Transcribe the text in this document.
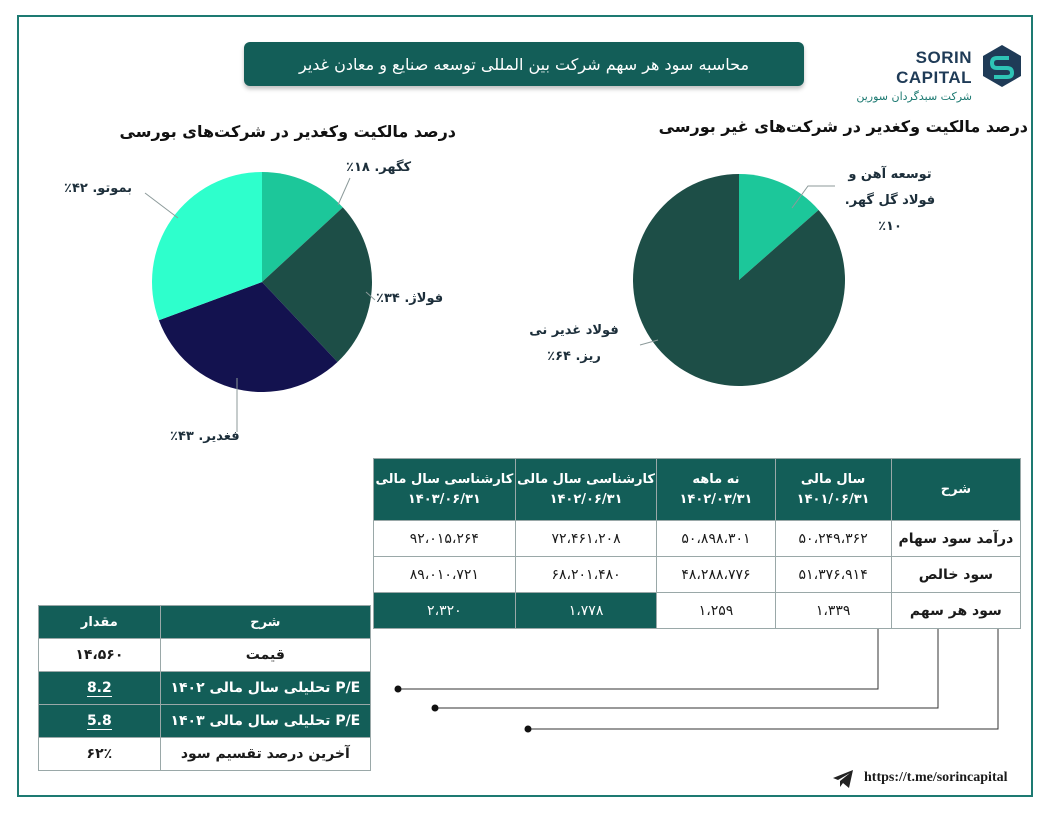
محاسبه سود هر سهم شرکت بین المللی توسعه صنایع و معادن غدیر	SORIN CAPITAL
شرکت سبدگردان سورین
درصد مالکیت وکغدیر در شرکت‌های بورسی	درصد مالکیت وکغدیر در شرکت‌های غیر بورسی
کگهر. ۱۸٪
فولاژ. ۳۴٪
فغدیر. ۴۳٪
بموتو. ۴۲٪
توسعه آهن و فولاد گل گهر. ۱۰٪
فولاد غدیر نی ریز. ۶۴٪
شرح	سال مالی ۱۴۰۱/۰۶/۳۱	نه ماهه ۱۴۰۲/۰۳/۳۱	کارشناسی سال مالی ۱۴۰۲/۰۶/۳۱	کارشناسی سال مالی ۱۴۰۳/۰۶/۳۱
درآمد سود سهام	۵۰،۲۴۹،۳۶۲	۵۰،۸۹۸،۳۰۱	۷۲،۴۶۱،۲۰۸	۹۲،۰۱۵،۲۶۴
سود خالص	۵۱،۳۷۶،۹۱۴	۴۸،۲۸۸،۷۷۶	۶۸،۲۰۱،۴۸۰	۸۹،۰۱۰،۷۲۱
سود هر سهم	۱،۳۳۹	۱،۲۵۹	۱،۷۷۸	۲،۳۲۰
شرح	مقدار
قیمت	۱۴،۵۶۰
P/E تحلیلی سال مالی ۱۴۰۲	8.2
P/E تحلیلی سال مالی ۱۴۰۳	5.8
آخرین درصد تقسیم سود	۶۲٪
https://t.me/sorincapital
